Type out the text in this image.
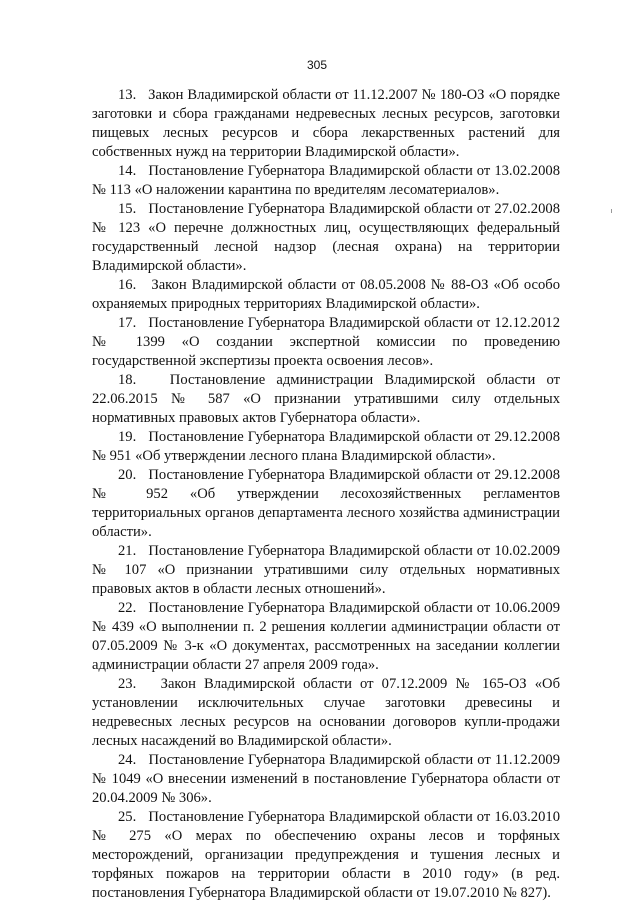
305

13.   Закон Владимирской области от 11.12.2007 № 180-ОЗ «О порядке заготовки и сбора гражданами недревесных лесных ресурсов, заготовки пищевых лесных ресурсов и сбора лекарственных растений для собственных нужд на территории Владимирской области».

14.   Постановление Губернатора Владимирской области от 13.02.2008 № 113 «О наложении карантина по вредителям лесоматериалов».

15.   Постановление Губернатора Владимирской области от 27.02.2008 № 123 «О перечне должностных лиц, осуществляющих федеральный государственный лесной надзор (лесная охрана) на территории Владимирской области».

16.   Закон Владимирской области от 08.05.2008 № 88-ОЗ «Об особо охраняемых природных территориях Владимирской области».

17.   Постановление Губернатора Владимирской области от 12.12.2012 № 1399 «О создании экспертной комиссии по проведению государственной экспертизы проекта освоения лесов».

18.   Постановление администрации Владимирской области от 22.06.2015 № 587 «О признании утратившими силу отдельных нормативных правовых актов Губернатора области».

19.   Постановление Губернатора Владимирской области от 29.12.2008 № 951 «Об утверждении лесного плана Владимирской области».

20.   Постановление Губернатора Владимирской области от 29.12.2008 № 952 «Об утверждении лесохозяйственных регламентов территориальных органов департамента лесного хозяйства администрации области».

21.   Постановление Губернатора Владимирской области от 10.02.2009 № 107 «О признании утратившими силу отдельных нормативных правовых актов в области лесных отношений».

22.   Постановление Губернатора Владимирской области от 10.06.2009 № 439 «О выполнении п. 2 решения коллегии администрации области от 07.05.2009 № 3-к «О документах, рассмотренных на заседании коллегии администрации области 27 апреля 2009 года».

23.   Закон Владимирской области от 07.12.2009 № 165-ОЗ «Об установлении исключительных случае заготовки древесины и недревесных лесных ресурсов на основании договоров купли-продажи лесных насаждений во Владимирской области».

24.   Постановление Губернатора Владимирской области от 11.12.2009 № 1049 «О внесении изменений в постановление Губернатора области от 20.04.2009 № 306».

25.   Постановление Губернатора Владимирской области от 16.03.2010 № 275 «О мерах по обеспечению охраны лесов и торфяных месторождений, организации предупреждения и тушения лесных и торфяных пожаров на территории области в 2010 году» (в ред. постановления Губернатора Владимирской области от 19.07.2010 № 827).
